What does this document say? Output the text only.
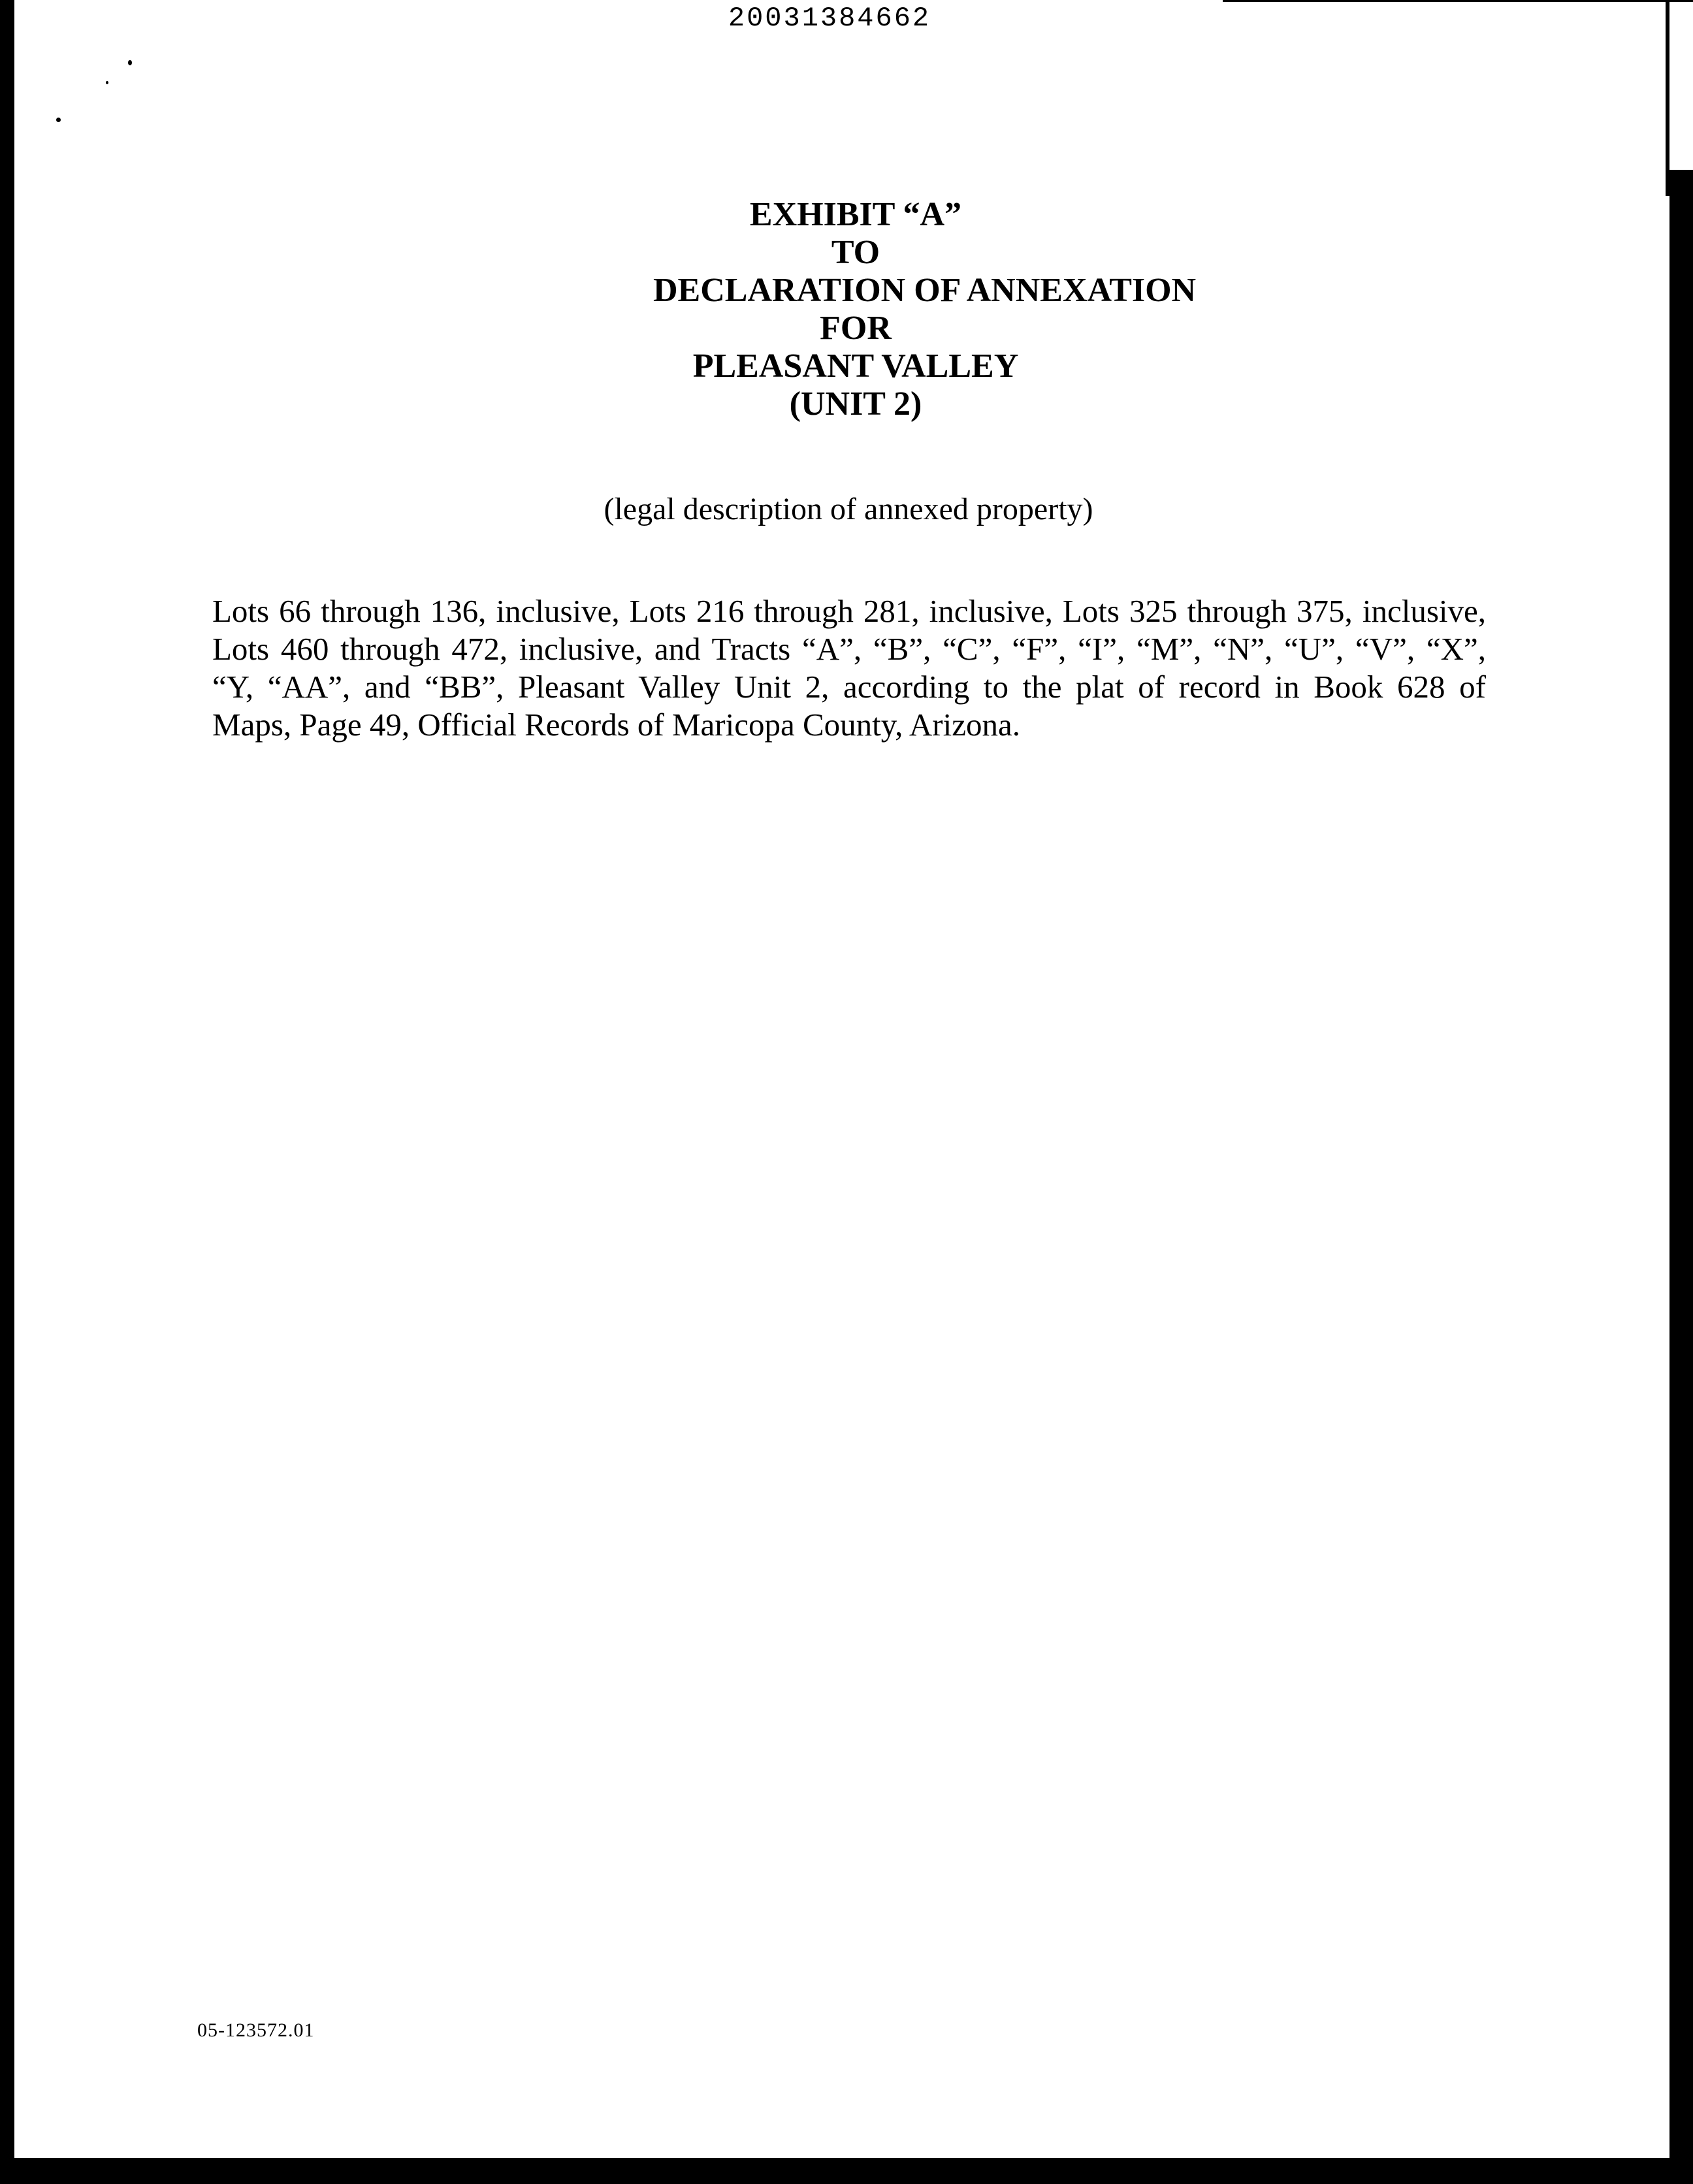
20031384662
EXHIBIT “A”
TO
DECLARATION OF ANNEXATION
FOR
PLEASANT VALLEY
(UNIT 2)
(legal description of annexed property)
Lots 66 through 136, inclusive, Lots 216 through 281, inclusive, Lots 325 through 375, inclusive,
Lots 460 through 472, inclusive, and Tracts “A”, “B”, “C”, “F”, “I”, “M”, “N”, “U”, “V”, “X”,
“Y, “AA”, and “BB”, Pleasant Valley Unit 2, according to the plat of record in Book 628 of
Maps, Page 49, Official Records of Maricopa County, Arizona.
05-123572.01
